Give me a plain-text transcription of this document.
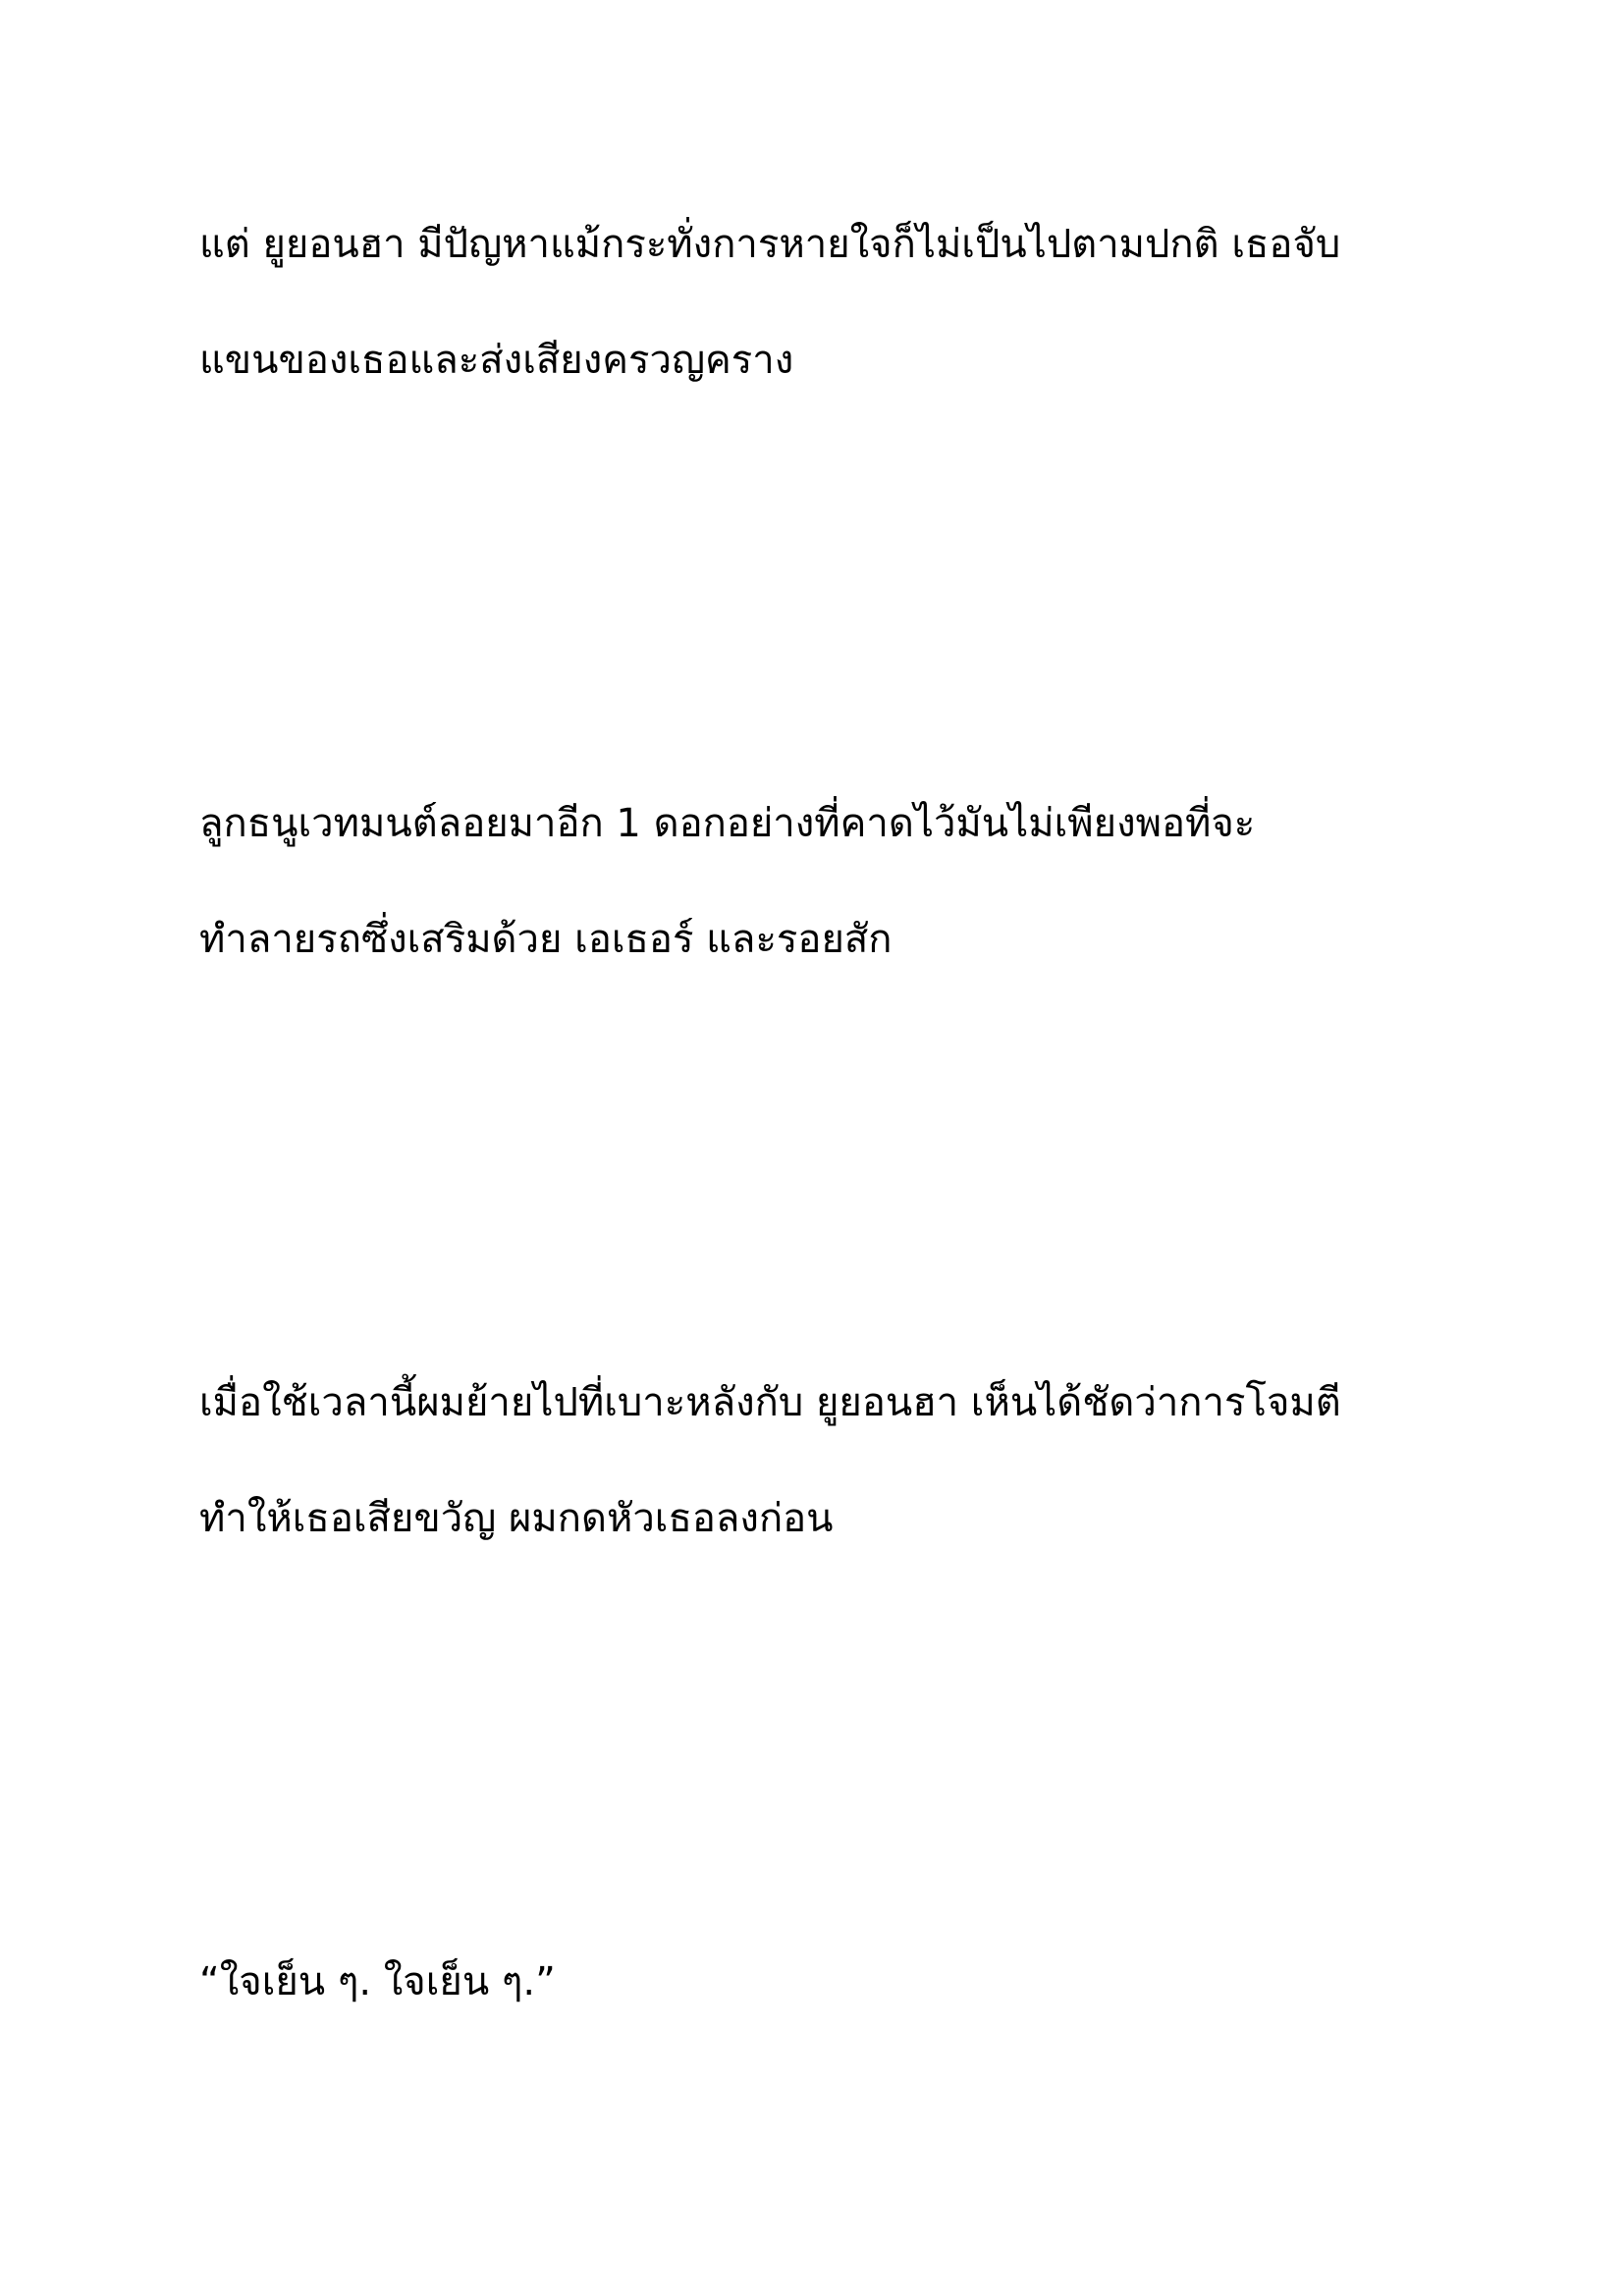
แต่ ยูยอนฮา มีปัญหาแม้กระทั่งการหายใจก็ไม่เป็นไปตามปกติ เธอจับ
แขนของเธอและส่งเสียงครวญคราง

ลูกธนูเวทมนต์ลอยมาอีก 1 ดอกอย่างที่คาดไว้มันไม่เพียงพอที่จะ
ทำลายรถซึ่งเสริมด้วย เอเธอร์ และรอยสัก

เมื่อใช้เวลานี้ผมย้ายไปที่เบาะหลังกับ ยูยอนฮา เห็นได้ชัดว่าการโจมตี
ทำให้เธอเสียขวัญ ผมกดหัวเธอลงก่อน

“ใจเย็น ๆ. ใจเย็น ๆ.”
